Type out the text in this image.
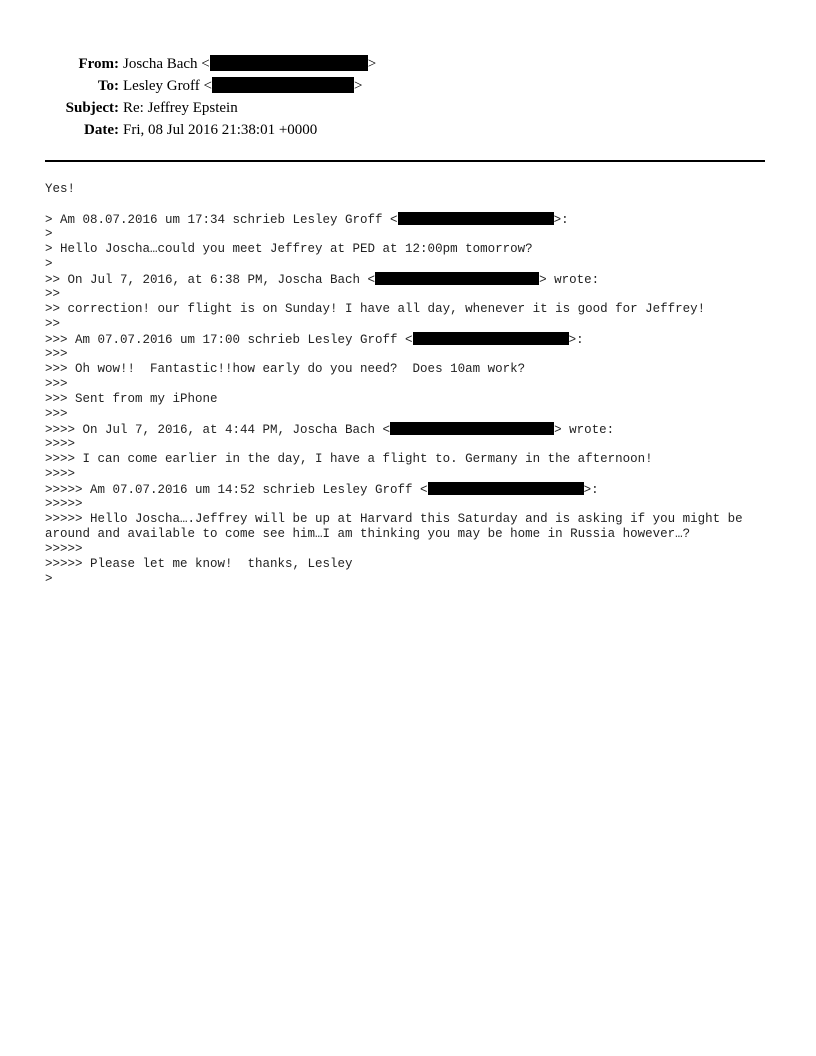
From: Joscha Bach <	>
To: Lesley Groff <	>
Subject: Re: Jeffrey Epstein
Date: Fri, 08 Jul 2016 21:38:01 +0000
Yes!
> Am 08.07.2016 um 17:34 schrieb Lesley Groff <	>:
>
> Hello Joscha…could you meet Jeffrey at PED at 12:00pm tomorrow?
>
>> On Jul 7, 2016, at 6:38 PM, Joscha Bach <	> wrote:
>>
>> correction! our flight is on Sunday! I have all day, whenever it is good for Jeffrey!
>>
>>> Am 07.07.2016 um 17:00 schrieb Lesley Groff <	>:
>>>
>>> Oh wow!!  Fantastic!!how early do you need?  Does 10am work?
>>>
>>> Sent from my iPhone
>>>
>>>> On Jul 7, 2016, at 4:44 PM, Joscha Bach <	> wrote:
>>>>
>>>> I can come earlier in the day, I have a flight to. Germany in the afternoon!
>>>>
>>>>> Am 07.07.2016 um 14:52 schrieb Lesley Groff <	>:
>>>>>
>>>>> Hello Joscha….Jeffrey will be up at Harvard this Saturday and is asking if you might be around and available to come see him…I am thinking you may be home in Russia however…?
>>>>>
>>>>> Please let me know!  thanks, Lesley
>
